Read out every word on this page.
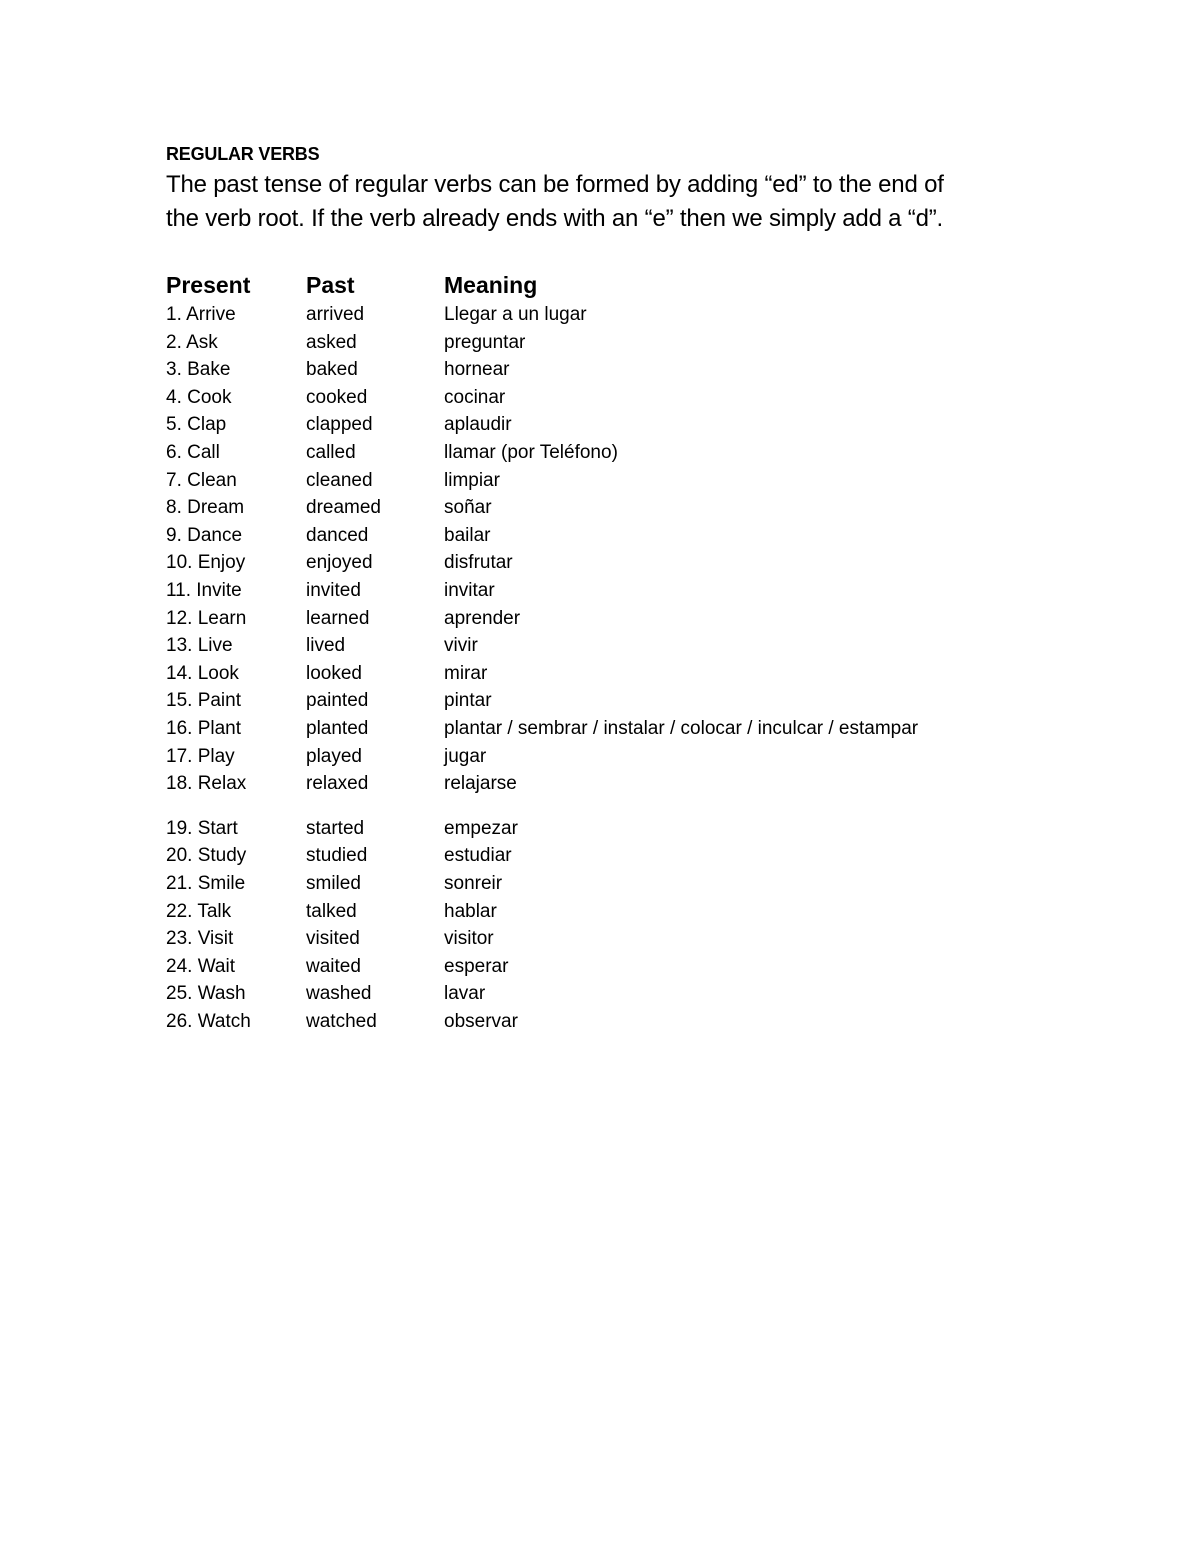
REGULAR VERBS
The past tense of regular verbs can be formed by adding “ed” to the end of
the verb root. If the verb already ends with an “e” then we simply add a “d”.
Present Past	Meaning
1. Arrive	arrived	Llegar a un lugar
2. Ask	asked	preguntar
3. Bake	baked	hornear
4. Cook	cooked	cocinar
5. Clap	clapped	aplaudir
6. Call	called	llamar (por Teléfono)
7. Clean	cleaned	limpiar
8. Dream	dreamed	soñar
9. Dance	danced	bailar
10. Enjoy	enjoyed	disfrutar
11. Invite	invited	invitar
12. Learn	learned	aprender
13. Live	lived	vivir
14. Look	looked	mirar
15. Paint	painted	pintar
16. Plant	planted	plantar / sembrar / instalar / colocar / inculcar / estampar
17. Play	played	jugar
18. Relax	relaxed	relajarse
19. Start	started	empezar
20. Study	studied	estudiar
21. Smile	smiled	sonreir
22. Talk	talked	hablar
23. Visit	visited	visitor
24. Wait	waited	esperar
25. Wash	washed	lavar
26. Watch	watched	observar
